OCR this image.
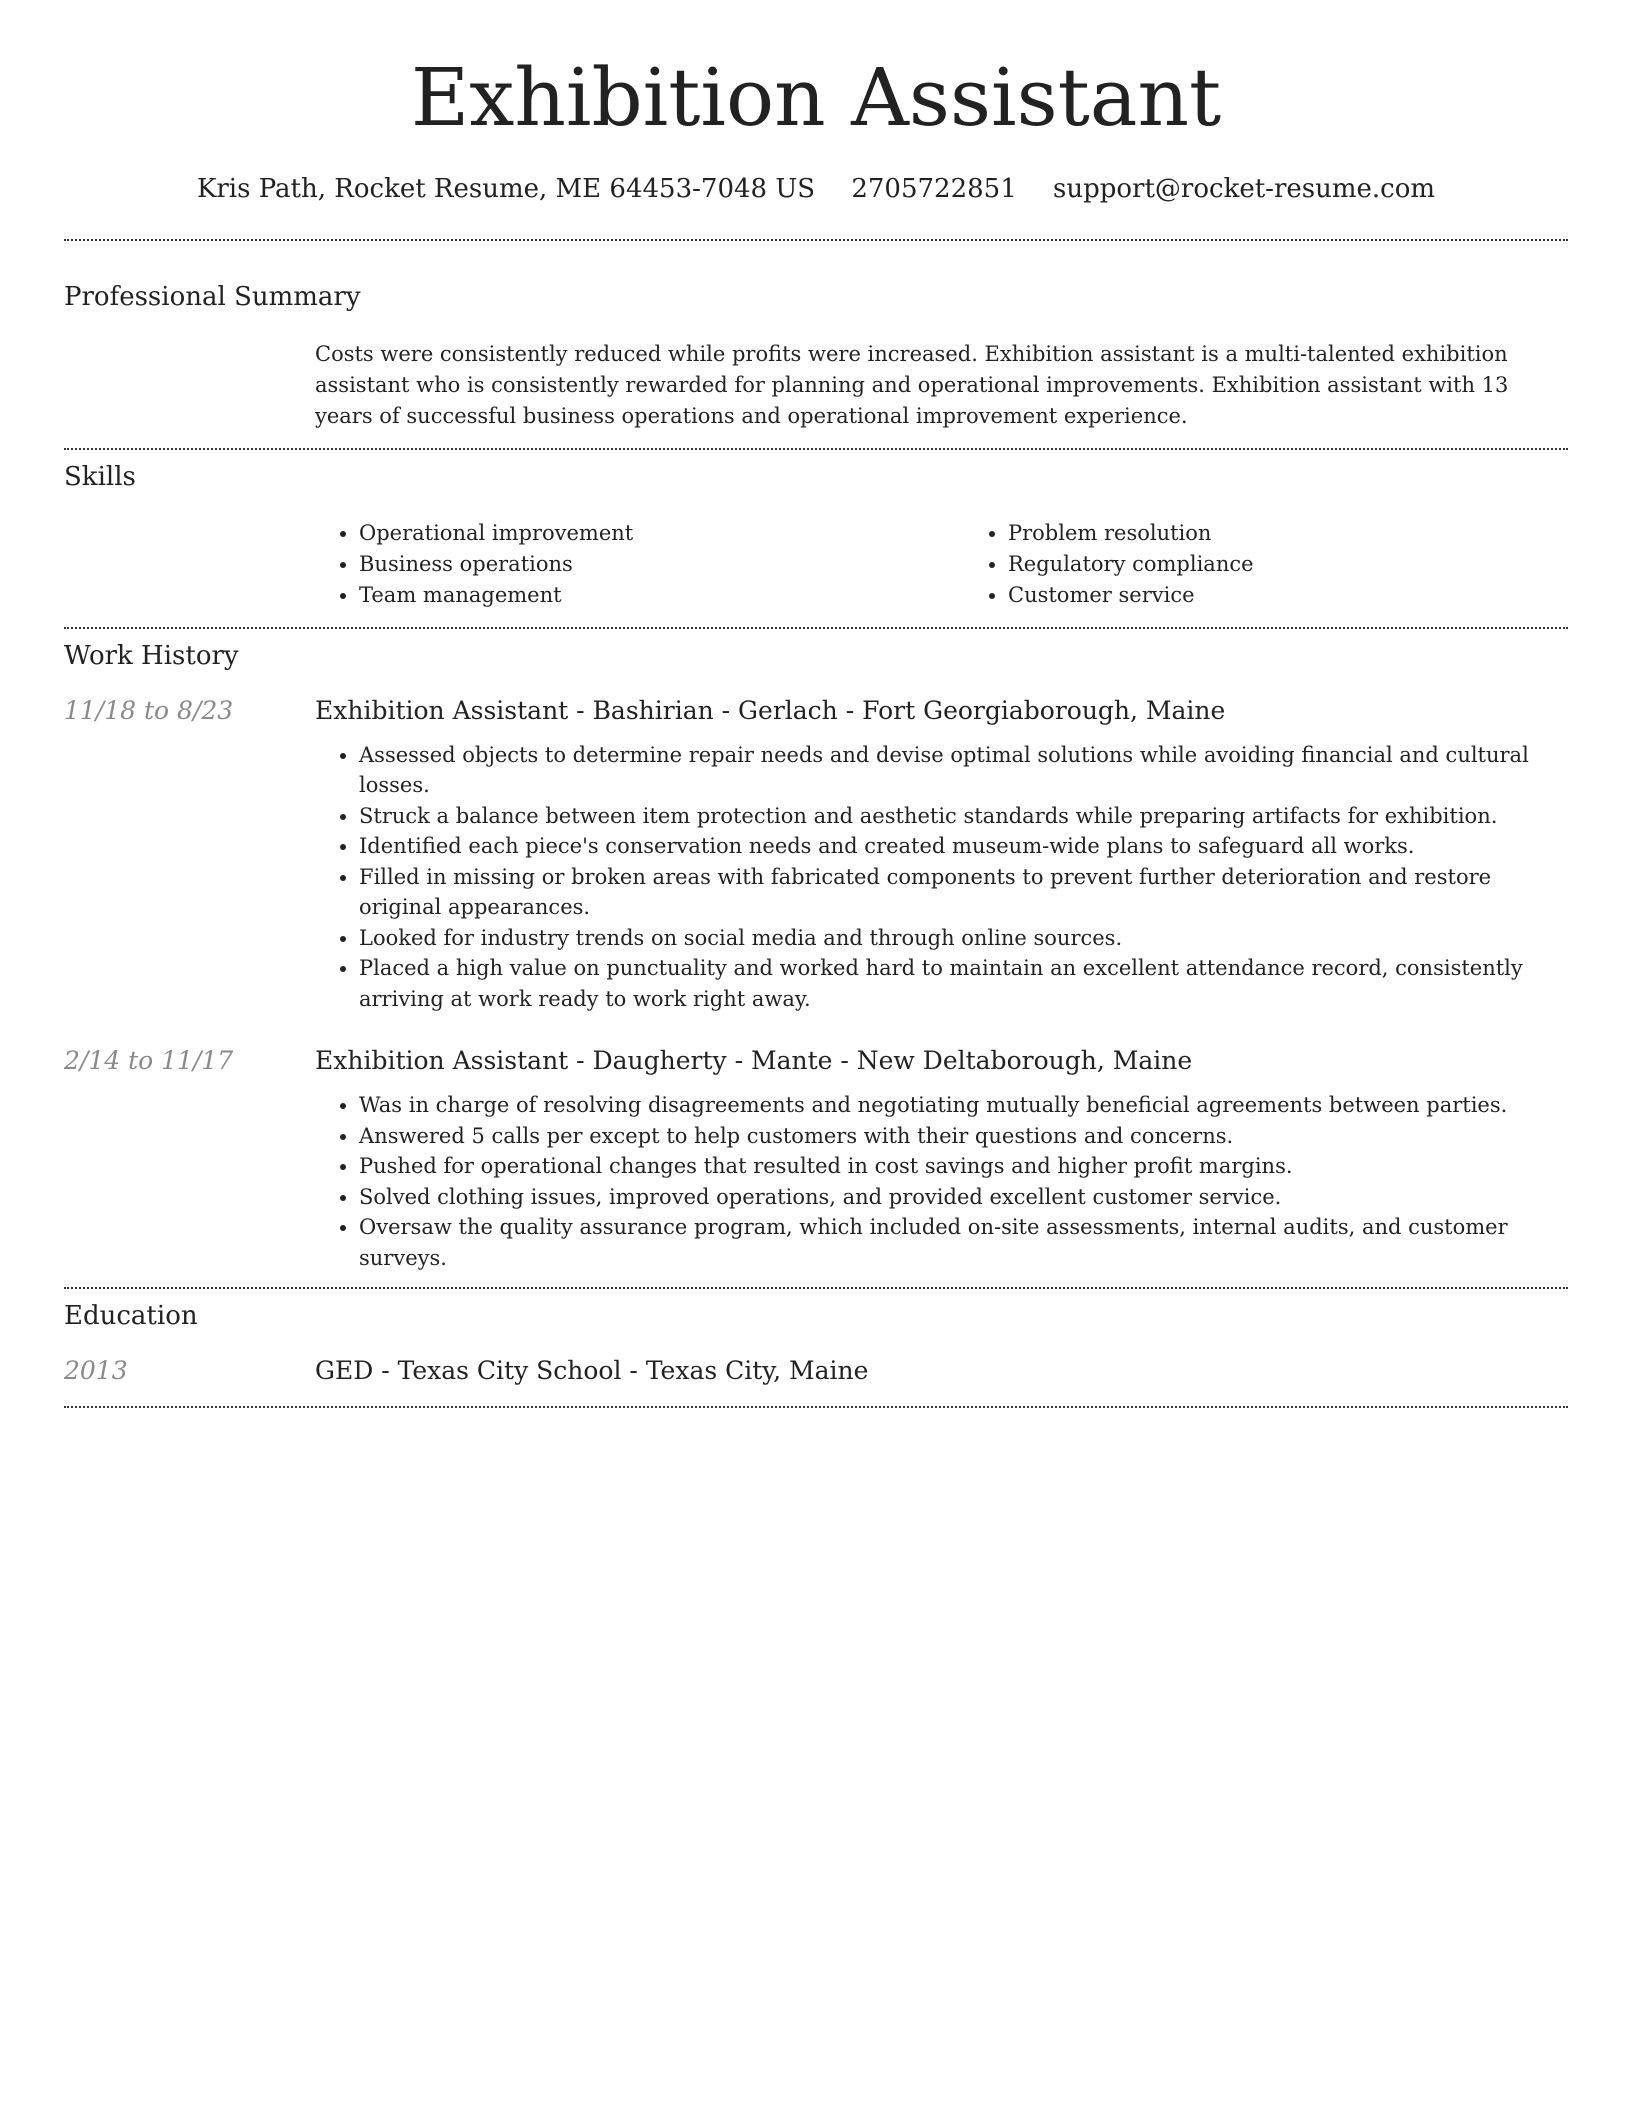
Exhibition Assistant
Kris Path, Rocket Resume, ME 64453-7048 US 2705722851 support@rocket-resume.com
Professional Summary

Costs were consistently reduced while profits were increased. Exhibition assistant is a multi-talented exhibition assistant who is consistently rewarded for planning and operational improvements. Exhibition assistant with 13 years of successful business operations and operational improvement experience.

Skills
• Operational improvement
• Business operations
• Team management
• Problem resolution
• Regulatory compliance
• Customer service
Work History
11/18 to 8/23	Exhibition Assistant - Bashirian - Gerlach - Fort Georgiaborough, Maine
• Assessed objects to determine repair needs and devise optimal solutions while avoiding financial and cultural losses.
• Struck a balance between item protection and aesthetic standards while preparing artifacts for exhibition.
• Identified each piece's conservation needs and created museum-wide plans to safeguard all works.
• Filled in missing or broken areas with fabricated components to prevent further deterioration and restore original appearances.
• Looked for industry trends on social media and through online sources.
• Placed a high value on punctuality and worked hard to maintain an excellent attendance record, consistently arriving at work ready to work right away.
2/14 to 11/17	Exhibition Assistant - Daugherty - Mante - New Deltaborough, Maine
• Was in charge of resolving disagreements and negotiating mutually beneficial agreements between parties.
• Answered 5 calls per except to help customers with their questions and concerns.
• Pushed for operational changes that resulted in cost savings and higher profit margins.
• Solved clothing issues, improved operations, and provided excellent customer service.
• Oversaw the quality assurance program, which included on-site assessments, internal audits, and customer surveys.
Education
2013	GED - Texas City School - Texas City, Maine
